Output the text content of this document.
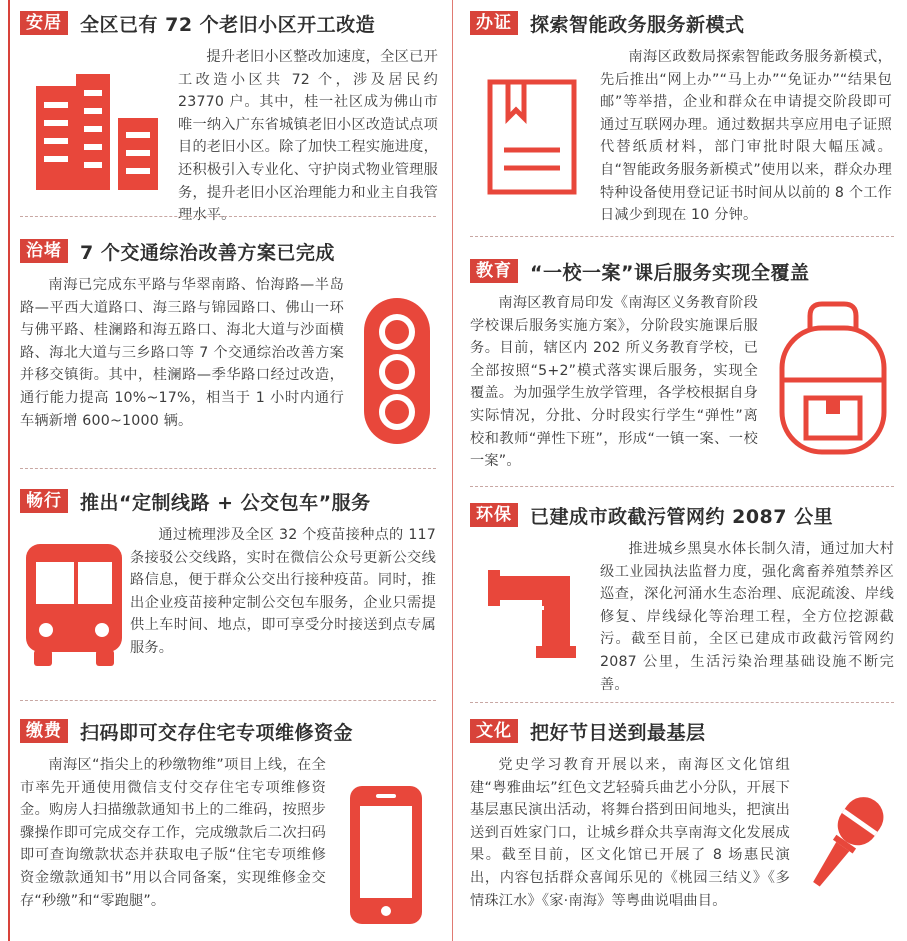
安居 全区已有 72 个老旧小区开工改造
提升老旧小区整改加速度，全区已开工改造小区共 72 个，涉及居民约 23770 户。其中，桂一社区成为佛山市唯一纳入广东省城镇老旧小区改造试点项目的老旧小区。除了加快工程实施进度，还积极引入专业化、守护岗式物业管理服务，提升老旧小区治理能力和业主自我管理水平。
治堵 7 个交通综治改善方案已完成
南海已完成东平路与华翠南路、怡海路—半岛路—平西大道路口、海三路与锦园路口、佛山一环与佛平路、桂澜路和海五路口、海北大道与沙面横路、海北大道与三乡路口等 7 个交通综治改善方案并移交镇街。其中，桂澜路—季华路口经过改造，通行能力提高 10%~17%，相当于 1 小时内通行车辆新增 600~1000 辆。
畅行 推出“定制线路 + 公交包车”服务
通过梳理涉及全区 32 个疫苗接种点的 117 条接驳公交线路，实时在微信公众号更新公交线路信息，便于群众公交出行接种疫苗。同时，推出企业疫苗接种定制公交包车服务，企业只需提供上车时间、地点，即可享受分时接送到点专属服务。
缴费 扫码即可交存住宅专项维修资金
南海区“指尖上的秒缴物维”项目上线，在全市率先开通使用微信支付交存住宅专项维修资金。购房人扫描缴款通知书上的二维码，按照步骤操作即可完成交存工作，完成缴款后二次扫码即可查询缴款状态并获取电子版“住宅专项维修资金缴款通知书”用以合同备案，实现维修金交存“秒缴”和“零跑腿”。
办证 探索智能政务服务新模式
南海区政数局探索智能政务服务新模式，先后推出“网上办”“马上办”“免证办”“结果包邮”等举措，企业和群众在申请提交阶段即可通过互联网办理。通过数据共享应用电子证照代替纸质材料，部门审批时限大幅压减。自“智能政务服务新模式”使用以来，群众办理特种设备使用登记证书时间从以前的 8 个工作日减少到现在 10 分钟。
教育 “一校一案”课后服务实现全覆盖
南海区教育局印发《南海区义务教育阶段学校课后服务实施方案》，分阶段实施课后服务。目前，辖区内 202 所义务教育学校，已全部按照“5+2”模式落实课后服务，实现全覆盖。为加强学生放学管理，各学校根据自身实际情况，分批、分时段实行学生“弹性”离校和教师“弹性下班”，形成“一镇一案、一校一案”。
环保 已建成市政截污管网约 2087 公里
推进城乡黑臭水体长制久清，通过加大村级工业园执法监督力度，强化禽畜养殖禁养区巡查，深化河涌水生态治理、底泥疏浚、岸线修复、岸线绿化等治理工程，全方位挖源截污。截至目前，全区已建成市政截污管网约 2087 公里，生活污染治理基础设施不断完善。
文化 把好节目送到最基层
党史学习教育开展以来，南海区文化馆组建“粤雅曲坛”红色文艺轻骑兵曲艺小分队，开展下基层惠民演出活动，将舞台搭到田间地头，把演出送到百姓家门口，让城乡群众共享南海文化发展成果。截至目前，区文化馆已开展了 8 场惠民演出，内容包括群众喜闻乐见的《桃园三结义》《多情珠江水》《家·南海》等粤曲说唱曲目。
